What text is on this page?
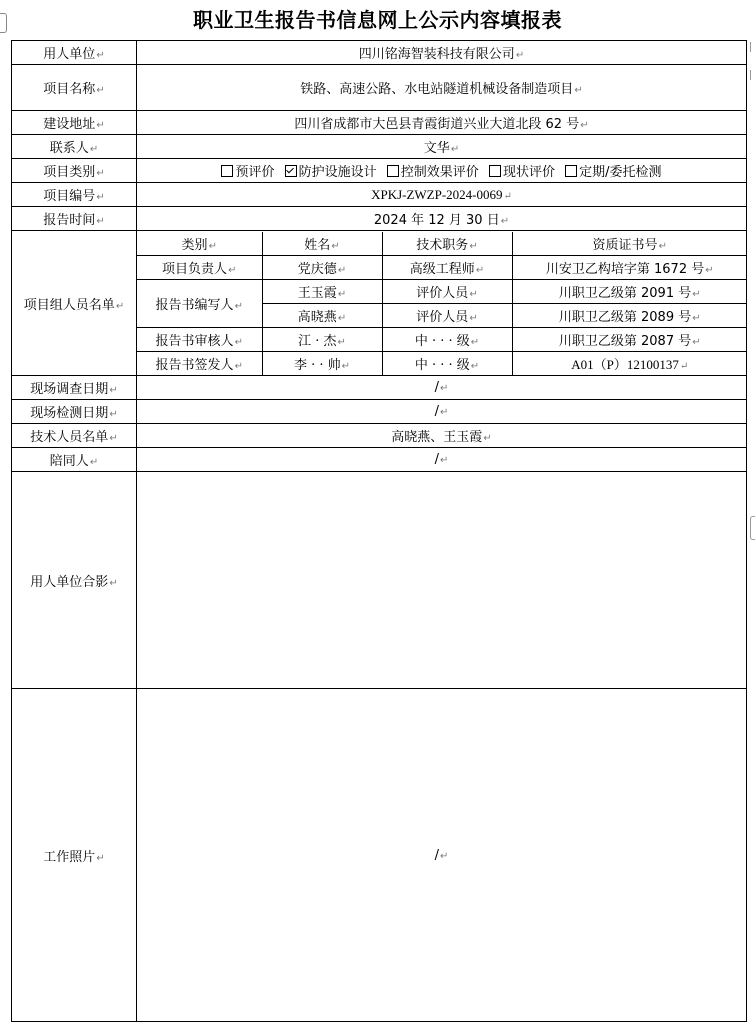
职业卫生报告书信息网上公示内容填报表
用人单位↵	四川铭海智装科技有限公司↵
项目名称↵	铁路、高速公路、水电站隧道机械设备制造项目↵
建设地址↵	四川省成都市大邑县青霞街道兴业大道北段 62 号↵
联系人↵	文华↵
项目类别↵	预评价 防护设施设计 控制效果评价 现状评价 定期/委托检测
项目编号↵	XPKJ-ZWZP-2024-0069↵
报告时间↵	2024 年 12 月 30 日↵
项目组人员名单↵	
类别↵	姓名↵	技术职务↵	资质证书号↵
项目负责人↵	党庆德↵	高级工程师↵	川安卫乙构培字第 1672 号↵
报告书编写人↵	王玉霞↵	评价人员↵	川职卫乙级第 2091 号↵
高晓燕↵	评价人员↵	川职卫乙级第 2089 号↵
报告书审核人↵	江 · 杰↵	中 · · · 级↵	川职卫乙级第 2087 号↵
报告书签发人↵	李 · · 帅↵	中 · · · 级↵	A01（P）12100137↵

现场调查日期↵	/↵
现场检测日期↵	/↵
技术人员名单↵	高晓燕、王玉霞↵
陪同人↵	/↵
用人单位合影↵	
工作照片↵	/↵
